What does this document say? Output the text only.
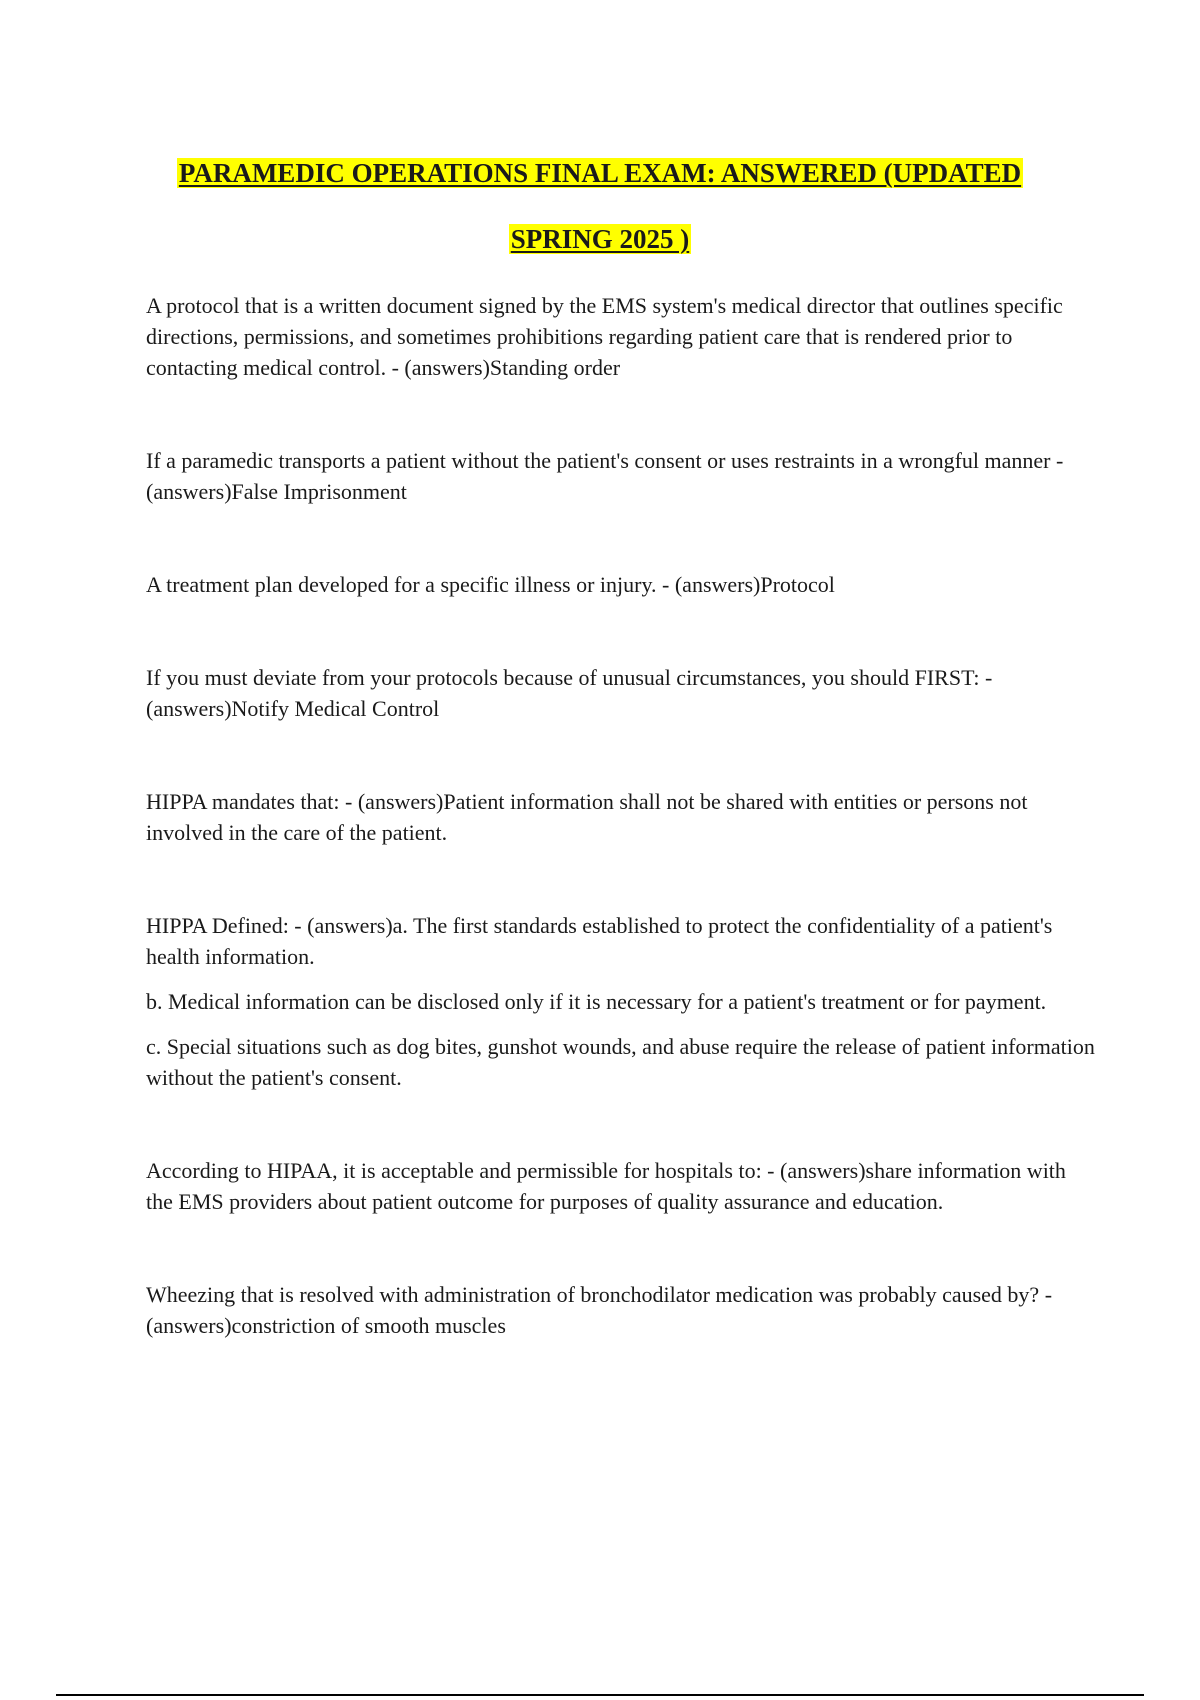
PARAMEDIC OPERATIONS FINAL EXAM: ANSWERED (UPDATED
SPRING 2025 )

A protocol that is a written document signed by the EMS system's medical director that outlines specific directions, permissions, and sometimes prohibitions regarding patient care that is rendered prior to contacting medical control. - (answers)Standing order

If a paramedic transports a patient without the patient's consent or uses restraints in a wrongful manner - (answers)False Imprisonment

A treatment plan developed for a specific illness or injury. - (answers)Protocol

If you must deviate from your protocols because of unusual circumstances, you should FIRST: - (answers)Notify Medical Control

HIPPA mandates that: - (answers)Patient information shall not be shared with entities or persons not involved in the care of the patient.

HIPPA Defined: - (answers)a. The first standards established to protect the confidentiality of a patient's health information.

b. Medical information can be disclosed only if it is necessary for a patient's treatment or for payment.

c. Special situations such as dog bites, gunshot wounds, and abuse require the release of patient information without the patient's consent.

According to HIPAA, it is acceptable and permissible for hospitals to: - (answers)share information with the EMS providers about patient outcome for purposes of quality assurance and education.

Wheezing that is resolved with administration of bronchodilator medication was probably caused by? - (answers)constriction of smooth muscles
